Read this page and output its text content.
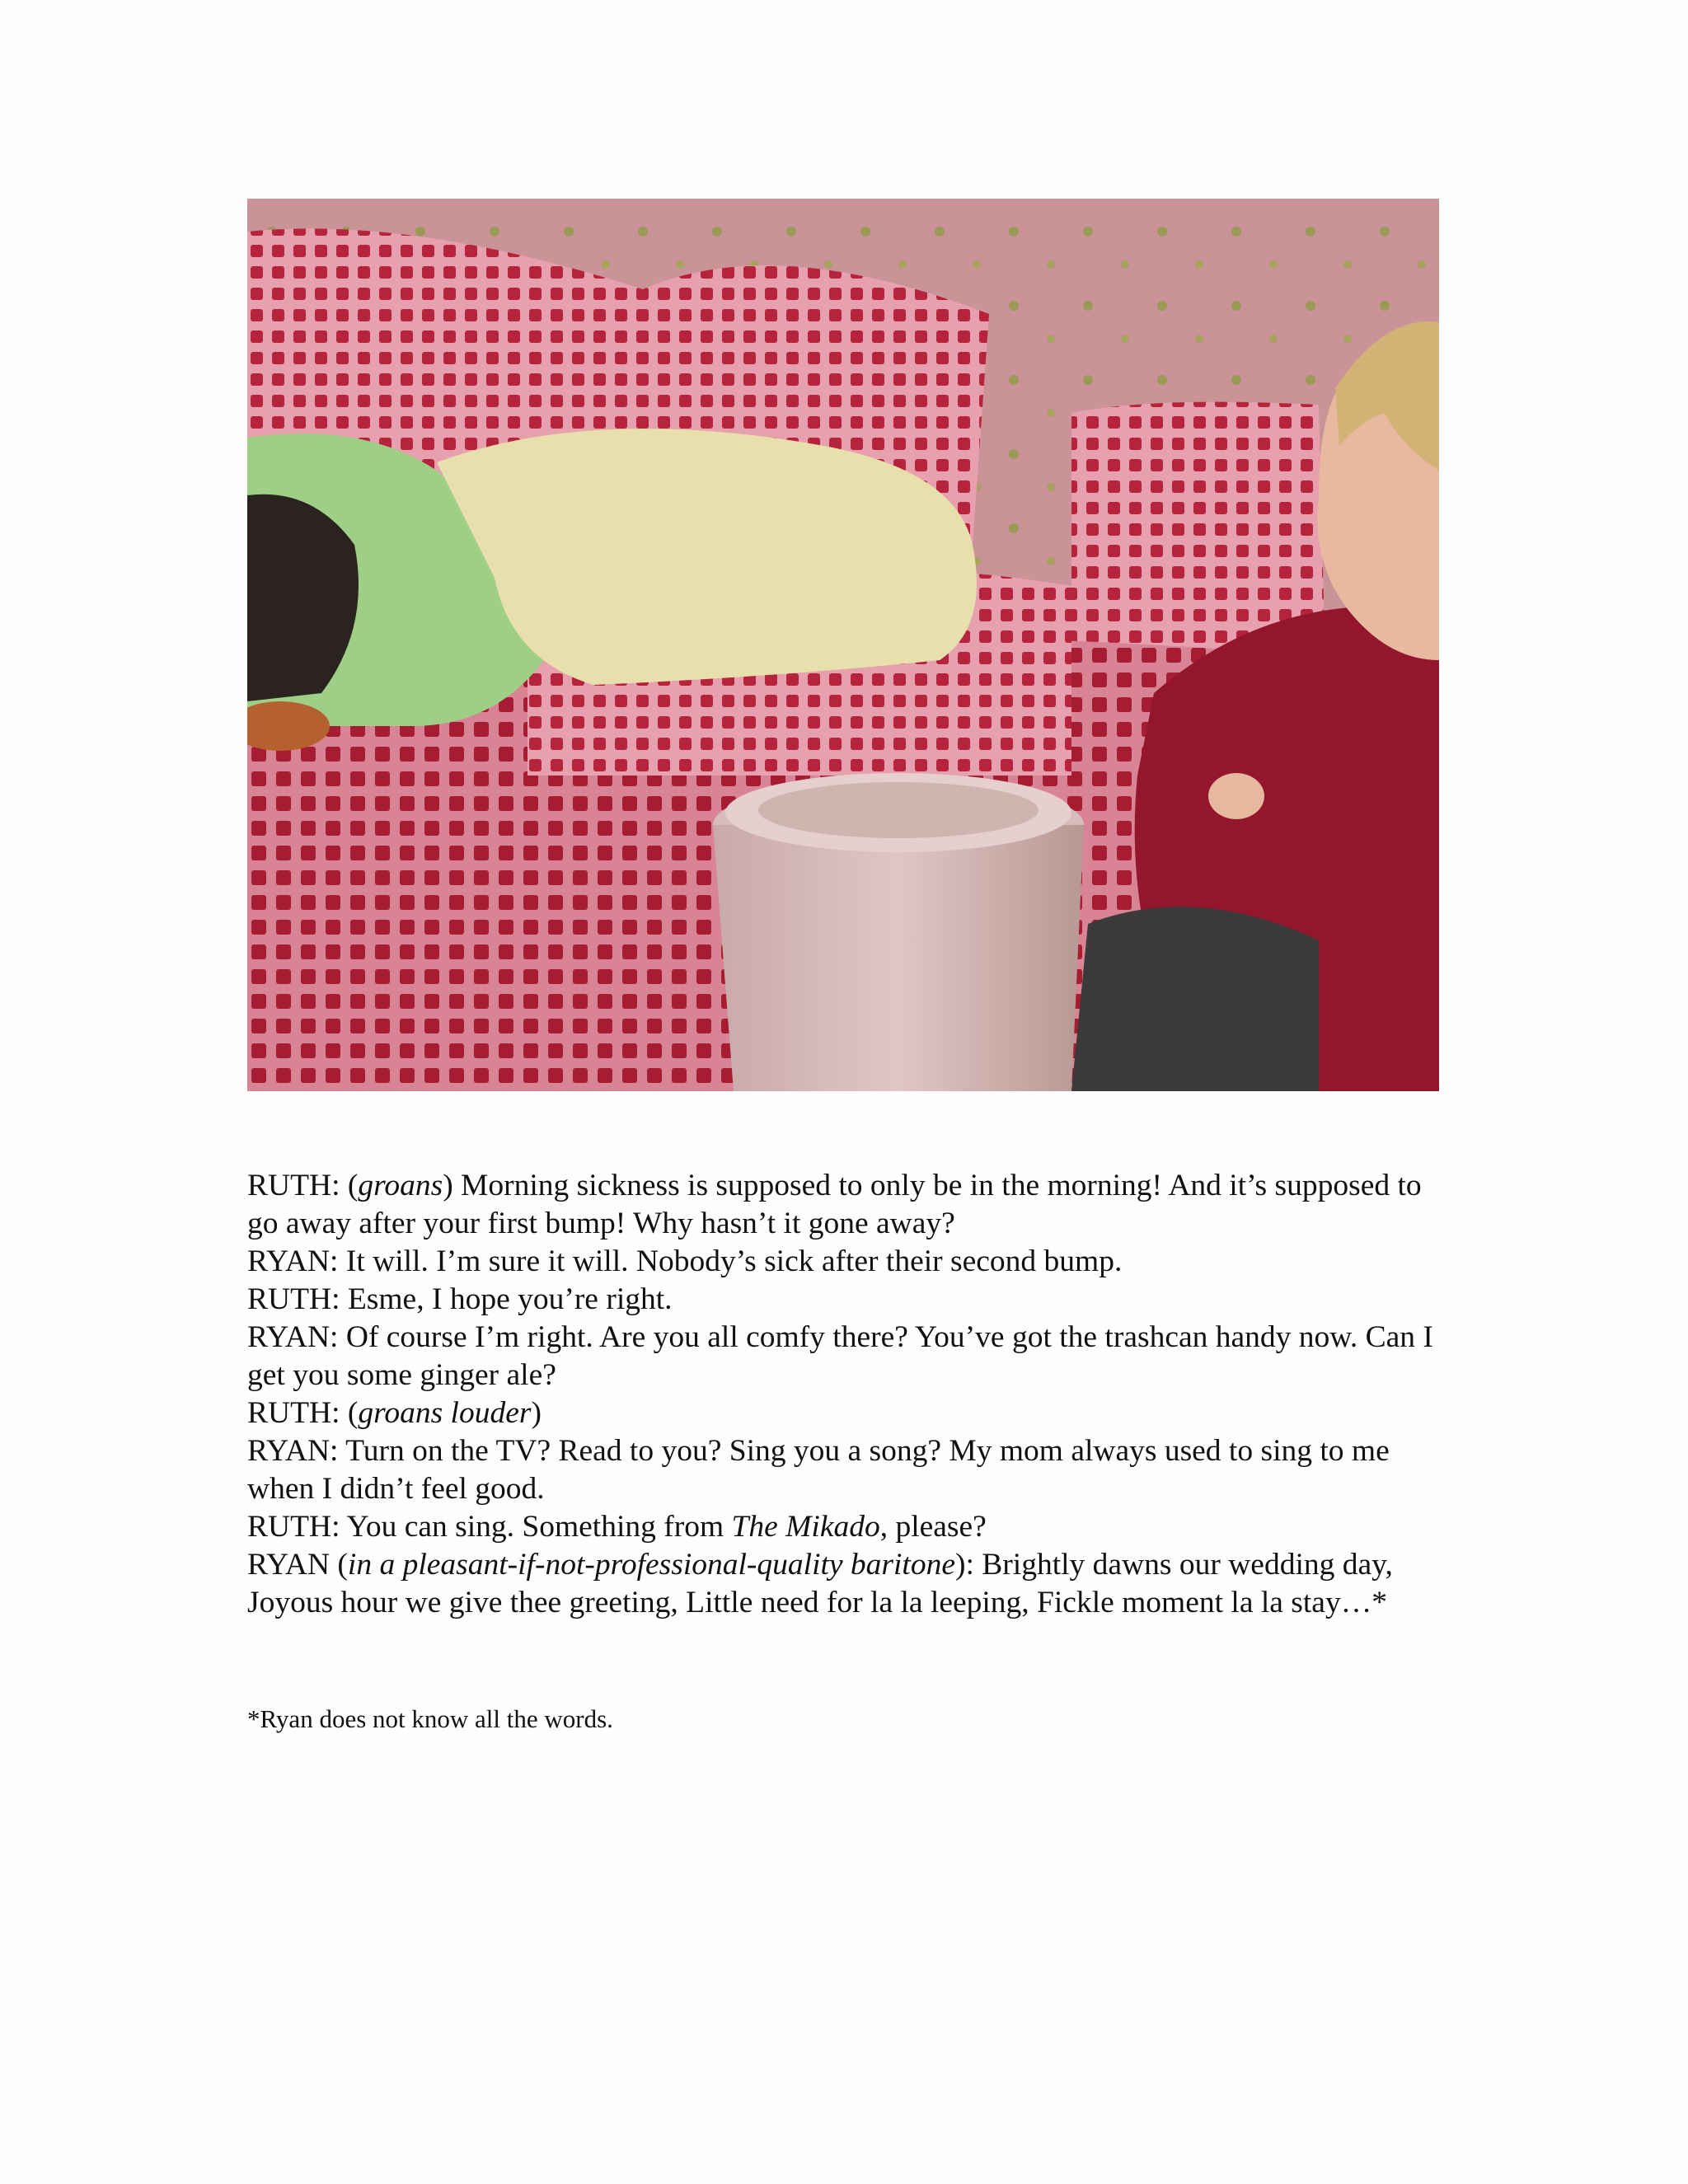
RUTH: (groans) Morning sickness is supposed to only be in the morning! And it’s supposed to go away after your first bump! Why hasn’t it gone away?

RYAN: It will. I’m sure it will. Nobody’s sick after their second bump.

RUTH: Esme, I hope you’re right.

RYAN: Of course I’m right. Are you all comfy there? You’ve got the trashcan handy now. Can I get you some ginger ale?

RUTH: (groans louder)

RYAN: Turn on the TV? Read to you? Sing you a song? My mom always used to sing to me when I didn’t feel good.

RUTH: You can sing. Something from The Mikado, please?

RYAN (in a pleasant-if-not-professional-quality baritone): Brightly dawns our wedding day, Joyous hour we give thee greeting, Little need for la la leeping, Fickle moment la la stay…*

*Ryan does not know all the words.
